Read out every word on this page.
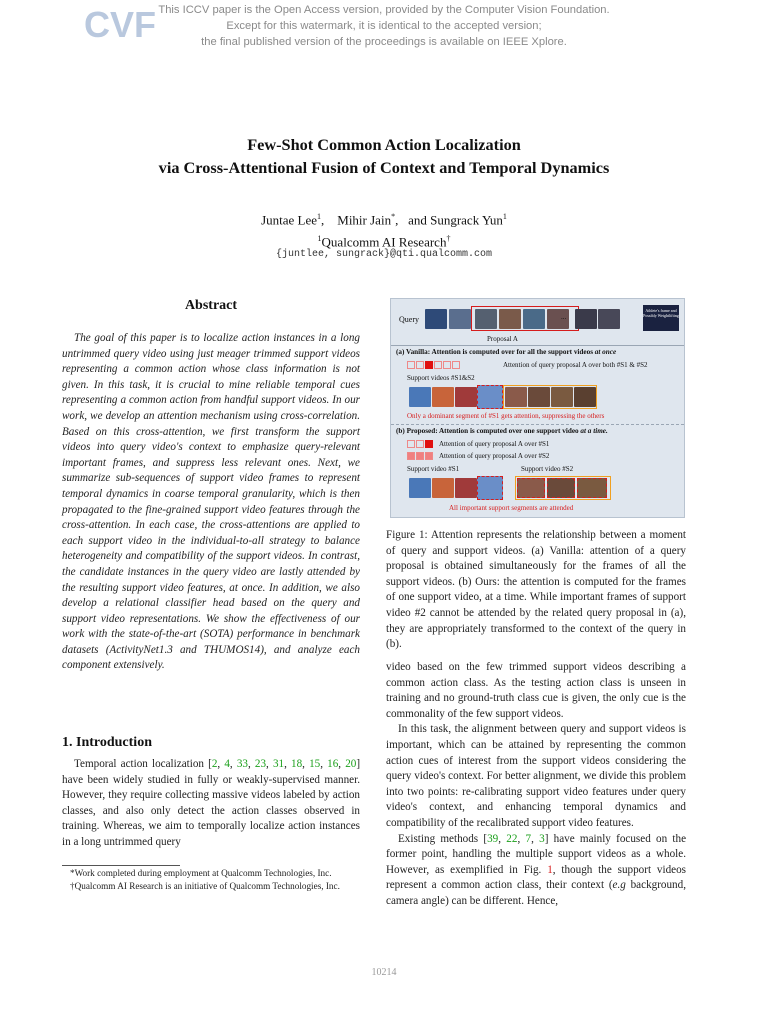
CVF This ICCV paper is the Open Access version, provided by the Computer Vision Foundation.
Except for this watermark, it is identical to the accepted version;
the final published version of the proceedings is available on IEEE Xplore.
Few-Shot Common Action Localization
via Cross-Attentional Fusion of Context and Temporal Dynamics
Juntae Lee$^1$,    Mihir Jain*,   and Sungrack Yun$^1$
$^1$Qualcomm AI Research†
{juntlee, sungrack}@qti.qualcomm.com
Abstract
The goal of this paper is to localize action instances in a long untrimmed query video using just meager trimmed support videos representing a common action whose class information is not given. In this task, it is crucial to mine reliable temporal cues representing a common action from handful support videos. In our work, we develop an attention mechanism using cross-correlation. Based on this cross-attention, we first transform the support videos into query video's context to emphasize query-relevant important frames, and suppress less relevant ones. Next, we summarize sub-sequences of support video frames to represent temporal dynamics in coarse temporal granularity, which is then propagated to the fine-grained support video features through the cross-attention. In each case, the cross-attentions are applied to each support video in the individual-to-all strategy to balance heterogeneity and compatibility of the support videos. In contrast, the candidate instances in the query video are lastly attended by the resulting support video features, at once. In addition, we also develop a relational classifier head based on the query and support video representations. We show the effectiveness of our work with the state-of-the-art (SOTA) performance in benchmark datasets (ActivityNet1.3 and THUMOS14), and analyze each component extensively.
1. Introduction
Temporal action localization [2, 4, 33, 23, 31, 18, 15, 16, 20] have been widely studied in fully or weakly-supervised manner. However, they require collecting massive videos labeled by action classes, and also only detect the action classes observed in training. Whereas, we aim to temporally localize action instances in a long untrimmed query

*Work completed during employment at Qualcomm Technologies, Inc.

†Qualcomm AI Research is an initiative of Qualcomm Technologies, Inc.

Query	...
Athlete's frame and Possibly Weightlifting
Proposal A
(a) Vanilla: Attention is computed over for all the support videos at once
Attention of query proposal A over both #S1 & #S2
Support videos #S1&S2
Only a dominant segment of #S1 gets attention, suppressing the others
(b) Proposed: Attention is computed over one support video at a time.
Attention of query proposal A over #S1
Attention of query proposal A over #S2
Support video #S1	Support video #S2
All important support segments are attended
Figure 1: Attention represents the relationship between a moment of query and support videos. (a) Vanilla: attention of a query proposal is obtained simultaneously for the frames of all the support videos. (b) Ours: the attention is computed for the frames of one support video, at a time. While important frames of support video #2 cannot be attended by the related query proposal in (a), they are appropriately transformed to the context of the query in (b).

video based on the few trimmed support videos describing a common action class. As the testing action class is unseen in training and no ground-truth class cue is given, the only cue is the commonality of the few support videos.

In this task, the alignment between query and support videos is important, which can be attained by representing the common action cues of interest from the support videos considering the query video's context. For better alignment, we divide this problem into two points: re-calibrating support video features under query video's context, and enhancing temporal dynamics and compatibility of the recalibrated support video features.

Existing methods [39, 22, 7, 3] have mainly focused on the former point, handling the multiple support videos as a whole. However, as exemplified in Fig. 1, though the support videos represent a common action class, their context (e.g background, camera angle) can be different. Hence,

10214
